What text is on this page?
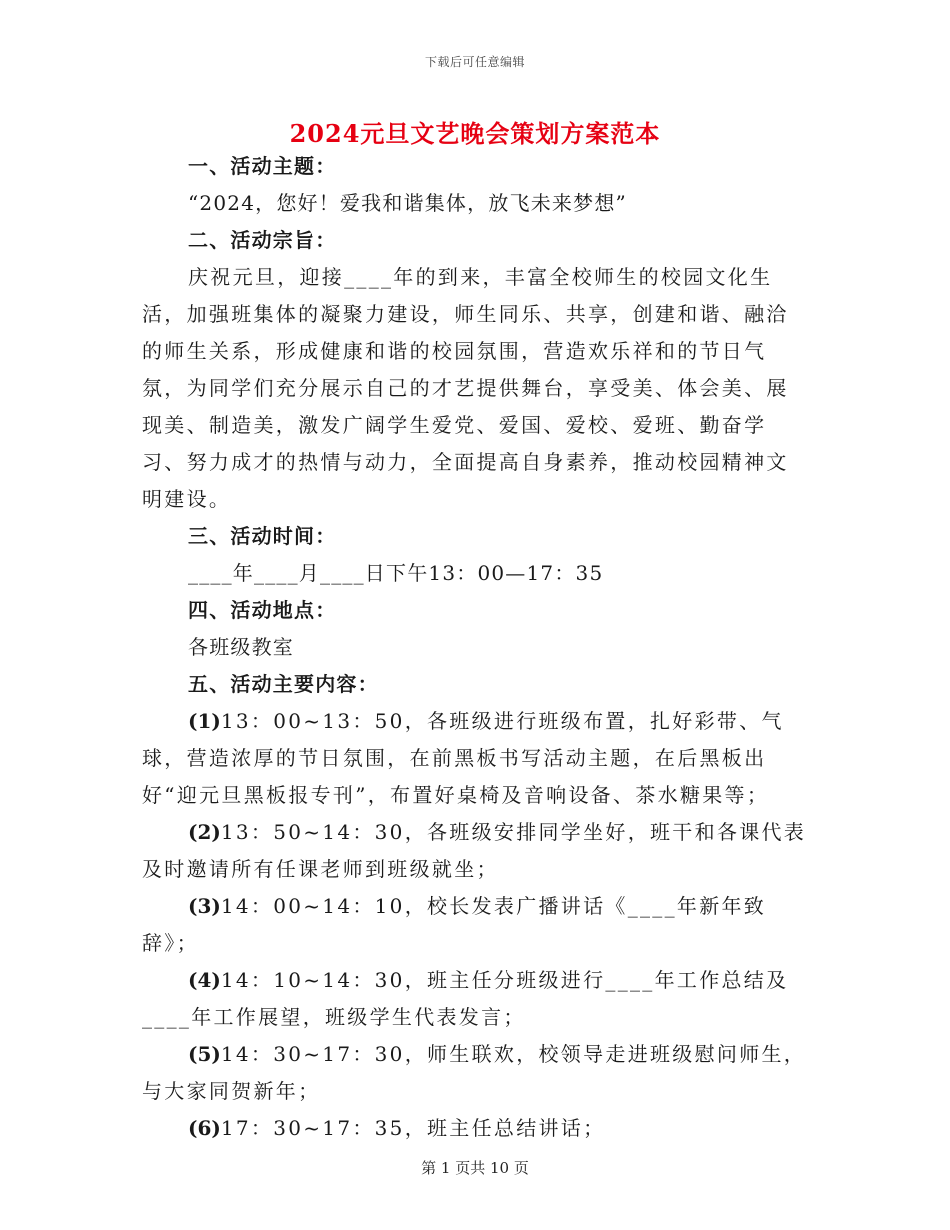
下载后可任意编辑
2024元旦文艺晚会策划方案范本
一、活动主题：
“2024，您好！爱我和谐集体，放飞未来梦想”
二、活动宗旨：
庆祝元旦，迎接____年的到来，丰富全校师生的校园文化生活，加强班集体的凝聚力建设，师生同乐、共享，创建和谐、融洽的师生关系，形成健康和谐的校园氛围，营造欢乐祥和的节日气氛，为同学们充分展示自己的才艺提供舞台，享受美、体会美、展现美、制造美，激发广阔学生爱党、爱国、爱校、爱班、勤奋学习、努力成才的热情与动力，全面提高自身素养，推动校园精神文明建设。
三、活动时间：
____年____月____日下午13：00—17：35
四、活动地点：
各班级教室
五、活动主要内容：
(1)13：00~13：50，各班级进行班级布置，扎好彩带、气球，营造浓厚的节日氛围，在前黑板书写活动主题，在后黑板出好“迎元旦黑板报专刊”，布置好桌椅及音响设备、茶水糖果等；
(2)13：50~14：30，各班级安排同学坐好，班干和各课代表及时邀请所有任课老师到班级就坐；
(3)14：00~14：10，校长发表广播讲话《____年新年致辞》；
(4)14：10~14：30，班主任分班级进行____年工作总结及____年工作展望，班级学生代表发言；
(5)14：30~17：30，师生联欢，校领导走进班级慰问师生，与大家同贺新年；
(6)17：30~17：35，班主任总结讲话；
第 1 页共 10 页
